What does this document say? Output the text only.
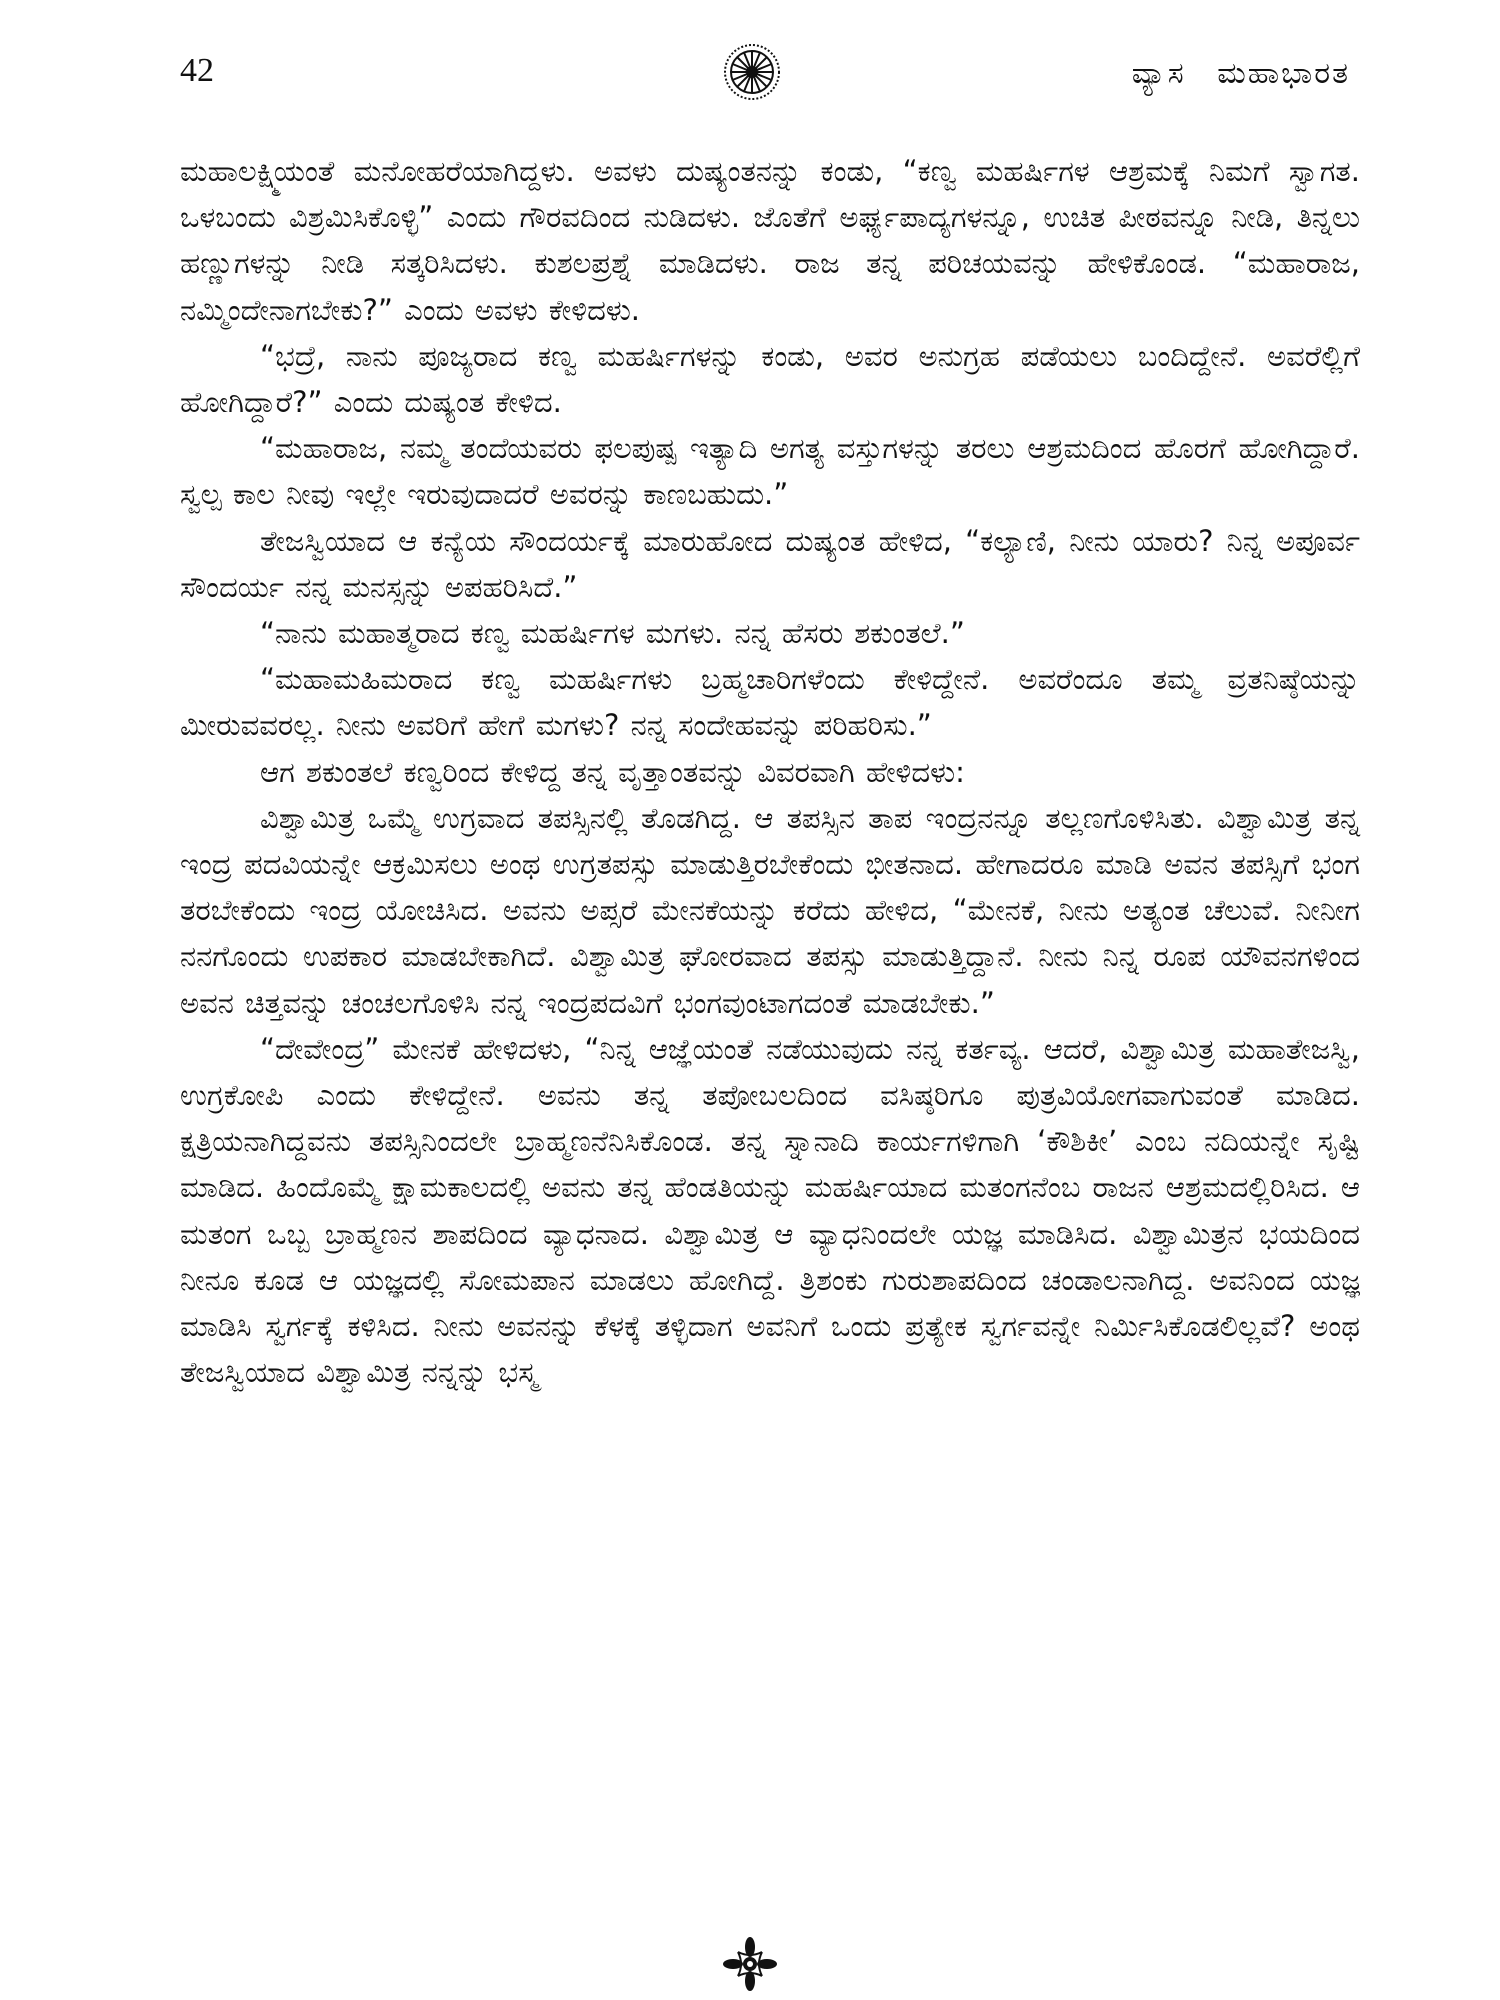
42	ವ್ಯಾಸ ಮಹಾಭಾರತ

ಮಹಾಲಕ್ಷ್ಮಿಯಂತೆ ಮನೋಹರೆಯಾಗಿದ್ದಳು. ಅವಳು ದುಷ್ಯಂತನನ್ನು ಕಂಡು, “ಕಣ್ವ ಮಹರ್ಷಿಗಳ ಆಶ್ರಮಕ್ಕೆ ನಿಮಗೆ ಸ್ವಾಗತ. ಒಳಬಂದು ವಿಶ್ರಮಿಸಿಕೊಳ್ಳಿ” ಎಂದು ಗೌರವದಿಂದ ನುಡಿದಳು. ಜೊತೆಗೆ ಅರ್ಘ್ಯಪಾದ್ಯಗಳನ್ನೂ, ಉಚಿತ ಪೀಠವನ್ನೂ ನೀಡಿ, ತಿನ್ನಲು ಹಣ್ಣುಗಳನ್ನು ನೀಡಿ ಸತ್ಕರಿಸಿದಳು. ಕುಶಲಪ್ರಶ್ನೆ ಮಾಡಿದಳು. ರಾಜ ತನ್ನ ಪರಿಚಯವನ್ನು ಹೇಳಿಕೊಂಡ. “ಮಹಾರಾಜ, ನಮ್ಮಿಂದೇನಾಗಬೇಕು?” ಎಂದು ಅವಳು ಕೇಳಿದಳು.

“ಭದ್ರೆ, ನಾನು ಪೂಜ್ಯರಾದ ಕಣ್ವ ಮಹರ್ಷಿಗಳನ್ನು ಕಂಡು, ಅವರ ಅನುಗ್ರಹ ಪಡೆಯಲು ಬಂದಿದ್ದೇನೆ. ಅವರೆಲ್ಲಿಗೆ ಹೋಗಿದ್ದಾರೆ?” ಎಂದು ದುಷ್ಯಂತ ಕೇಳಿದ.

“ಮಹಾರಾಜ, ನಮ್ಮ ತಂದೆಯವರು ಫಲಪುಷ್ಪ ಇತ್ಯಾದಿ ಅಗತ್ಯ ವಸ್ತುಗಳನ್ನು ತರಲು ಆಶ್ರಮದಿಂದ ಹೊರಗೆ ಹೋಗಿದ್ದಾರೆ. ಸ್ವಲ್ಪ ಕಾಲ ನೀವು ಇಲ್ಲೇ ಇರುವುದಾದರೆ ಅವರನ್ನು ಕಾಣಬಹುದು.”

ತೇಜಸ್ವಿಯಾದ ಆ ಕನ್ಯೆಯ ಸೌಂದರ್ಯಕ್ಕೆ ಮಾರುಹೋದ ದುಷ್ಯಂತ ಹೇಳಿದ, “ಕಲ್ಯಾಣಿ, ನೀನು ಯಾರು? ನಿನ್ನ ಅಪೂರ್ವ ಸೌಂದರ್ಯ ನನ್ನ ಮನಸ್ಸನ್ನು ಅಪಹರಿಸಿದೆ.”

“ನಾನು ಮಹಾತ್ಮರಾದ ಕಣ್ವ ಮಹರ್ಷಿಗಳ ಮಗಳು. ನನ್ನ ಹೆಸರು ಶಕುಂತಲೆ.”

“ಮಹಾಮಹಿಮರಾದ ಕಣ್ವ ಮಹರ್ಷಿಗಳು ಬ್ರಹ್ಮಚಾರಿಗಳೆಂದು ಕೇಳಿದ್ದೇನೆ. ಅವರೆಂದೂ ತಮ್ಮ ವ್ರತನಿಷ್ಠೆಯನ್ನು ಮೀರುವವರಲ್ಲ. ನೀನು ಅವರಿಗೆ ಹೇಗೆ ಮಗಳು? ನನ್ನ ಸಂದೇಹವನ್ನು ಪರಿಹರಿಸು.”

ಆಗ ಶಕುಂತಲೆ ಕಣ್ವರಿಂದ ಕೇಳಿದ್ದ ತನ್ನ ವೃತ್ತಾಂತವನ್ನು ವಿವರವಾಗಿ ಹೇಳಿದಳು:

ವಿಶ್ವಾಮಿತ್ರ ಒಮ್ಮೆ ಉಗ್ರವಾದ ತಪಸ್ಸಿನಲ್ಲಿ ತೊಡಗಿದ್ದ. ಆ ತಪಸ್ಸಿನ ತಾಪ ಇಂದ್ರನನ್ನೂ ತಲ್ಲಣಗೊಳಿಸಿತು. ವಿಶ್ವಾಮಿತ್ರ ತನ್ನ ಇಂದ್ರ ಪದವಿಯನ್ನೇ ಆಕ್ರಮಿಸಲು ಅಂಥ ಉಗ್ರತಪಸ್ಸು ಮಾಡುತ್ತಿರಬೇಕೆಂದು ಭೀತನಾದ. ಹೇಗಾದರೂ ಮಾಡಿ ಅವನ ತಪಸ್ಸಿಗೆ ಭಂಗ ತರಬೇಕೆಂದು ಇಂದ್ರ ಯೋಚಿಸಿದ. ಅವನು ಅಪ್ಸರೆ ಮೇನಕೆಯನ್ನು ಕರೆದು ಹೇಳಿದ, “ಮೇನಕೆ, ನೀನು ಅತ್ಯಂತ ಚೆಲುವೆ. ನೀನೀಗ ನನಗೊಂದು ಉಪಕಾರ ಮಾಡಬೇಕಾಗಿದೆ. ವಿಶ್ವಾಮಿತ್ರ ಘೋರವಾದ ತಪಸ್ಸು ಮಾಡುತ್ತಿದ್ದಾನೆ. ನೀನು ನಿನ್ನ ರೂಪ ಯೌವನಗಳಿಂದ ಅವನ ಚಿತ್ತವನ್ನು ಚಂಚಲಗೊಳಿಸಿ ನನ್ನ ಇಂದ್ರಪದವಿಗೆ ಭಂಗವುಂಟಾಗದಂತೆ ಮಾಡಬೇಕು.”

“ದೇವೇಂದ್ರ” ಮೇನಕೆ ಹೇಳಿದಳು, “ನಿನ್ನ ಆಜ್ಞೆಯಂತೆ ನಡೆಯುವುದು ನನ್ನ ಕರ್ತವ್ಯ. ಆದರೆ, ವಿಶ್ವಾಮಿತ್ರ ಮಹಾತೇಜಸ್ವಿ, ಉಗ್ರಕೋಪಿ ಎಂದು ಕೇಳಿದ್ದೇನೆ. ಅವನು ತನ್ನ ತಪೋಬಲದಿಂದ ವಸಿಷ್ಠರಿಗೂ ಪುತ್ರವಿಯೋಗವಾಗುವಂತೆ ಮಾಡಿದ. ಕ್ಷತ್ರಿಯನಾಗಿದ್ದವನು ತಪಸ್ಸಿನಿಂದಲೇ ಬ್ರಾಹ್ಮಣನೆನಿಸಿಕೊಂಡ. ತನ್ನ ಸ್ನಾನಾದಿ ಕಾರ್ಯಗಳಿಗಾಗಿ ‘ಕೌಶಿಕೀ’ ಎಂಬ ನದಿಯನ್ನೇ ಸೃಷ್ಟಿ ಮಾಡಿದ. ಹಿಂದೊಮ್ಮೆ ಕ್ಷಾಮಕಾಲದಲ್ಲಿ ಅವನು ತನ್ನ ಹೆಂಡತಿಯನ್ನು ಮಹರ್ಷಿಯಾದ ಮತಂಗನೆಂಬ ರಾಜನ ಆಶ್ರಮದಲ್ಲಿರಿಸಿದ. ಆ ಮತಂಗ ಒಬ್ಬ ಬ್ರಾಹ್ಮಣನ ಶಾಪದಿಂದ ವ್ಯಾಧನಾದ. ವಿಶ್ವಾಮಿತ್ರ ಆ ವ್ಯಾಧನಿಂದಲೇ ಯಜ್ಞ ಮಾಡಿಸಿದ. ವಿಶ್ವಾಮಿತ್ರನ ಭಯದಿಂದ ನೀನೂ ಕೂಡ ಆ ಯಜ್ಞದಲ್ಲಿ ಸೋಮಪಾನ ಮಾಡಲು ಹೋಗಿದ್ದೆ. ತ್ರಿಶಂಕು ಗುರುಶಾಪದಿಂದ ಚಂಡಾಲನಾಗಿದ್ದ. ಅವನಿಂದ ಯಜ್ಞ ಮಾಡಿಸಿ ಸ್ವರ್ಗಕ್ಕೆ ಕಳಿಸಿದ. ನೀನು ಅವನನ್ನು ಕೆಳಕ್ಕೆ ತಳ್ಳಿದಾಗ ಅವನಿಗೆ ಒಂದು ಪ್ರತ್ಯೇಕ ಸ್ವರ್ಗವನ್ನೇ ನಿರ್ಮಿಸಿಕೊಡಲಿಲ್ಲವೆ? ಅಂಥ ತೇಜಸ್ವಿಯಾದ ವಿಶ್ವಾಮಿತ್ರ ನನ್ನನ್ನು ಭಸ್ಮ
